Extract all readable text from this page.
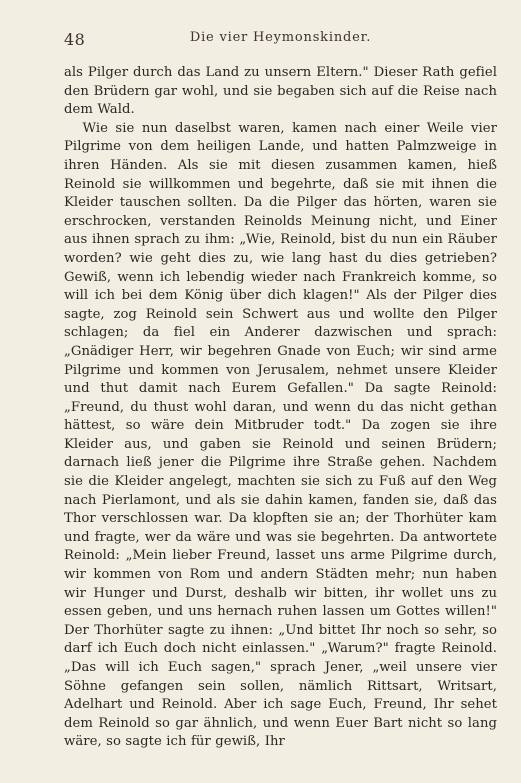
48	Die vier Heymonskinder.

als Pilger durch das Land zu unsern Eltern." Dieser Rath gefiel den Brüdern gar wohl, und sie begaben sich auf die Reise nach dem Wald.

Wie sie nun daselbst waren, kamen nach einer Weile vier Pilgrime von dem heiligen Lande, und hatten Palmzweige in ihren Händen. Als sie mit diesen zusammen kamen, hieß Reinold sie willkommen und begehrte, daß sie mit ihnen die Kleider tauschen sollten. Da die Pilger das hörten, waren sie erschrocken, verstanden Reinolds Meinung nicht, und Einer aus ihnen sprach zu ihm: „Wie, Reinold, bist du nun ein Räuber worden? wie geht dies zu, wie lang hast du dies getrieben? Gewiß, wenn ich lebendig wieder nach Frankreich komme, so will ich bei dem König über dich klagen!" Als der Pilger dies sagte, zog Reinold sein Schwert aus und wollte den Pilger schlagen; da fiel ein Anderer dazwischen und sprach: „Gnädiger Herr, wir begehren Gnade von Euch; wir sind arme Pilgrime und kommen von Jerusalem, nehmet unsere Kleider und thut damit nach Eurem Gefallen." Da sagte Reinold: „Freund, du thust wohl daran, und wenn du das nicht gethan hättest, so wäre dein Mitbruder todt." Da zogen sie ihre Kleider aus, und gaben sie Reinold und seinen Brüdern; darnach ließ jener die Pilgrime ihre Straße gehen. Nachdem sie die Kleider angelegt, machten sie sich zu Fuß auf den Weg nach Pierlamont, und als sie dahin kamen, fanden sie, daß das Thor verschlossen war. Da klopften sie an; der Thorhüter kam und fragte, wer da wäre und was sie begehrten. Da antwortete Reinold: „Mein lieber Freund, lasset uns arme Pilgrime durch, wir kommen von Rom und andern Städten mehr; nun haben wir Hunger und Durst, deshalb wir bitten, ihr wollet uns zu essen geben, und uns hernach ruhen lassen um Gottes willen!" Der Thorhüter sagte zu ihnen: „Und bittet Ihr noch so sehr, so darf ich Euch doch nicht einlassen." „Warum?" fragte Reinold. „Das will ich Euch sagen," sprach Jener, „weil unsere vier Söhne gefangen sein sollen, nämlich Rittsart, Writsart, Adelhart und Reinold. Aber ich sage Euch, Freund, Ihr sehet dem Reinold so gar ähnlich, und wenn Euer Bart nicht so lang wäre, so sagte ich für gewiß, Ihr
